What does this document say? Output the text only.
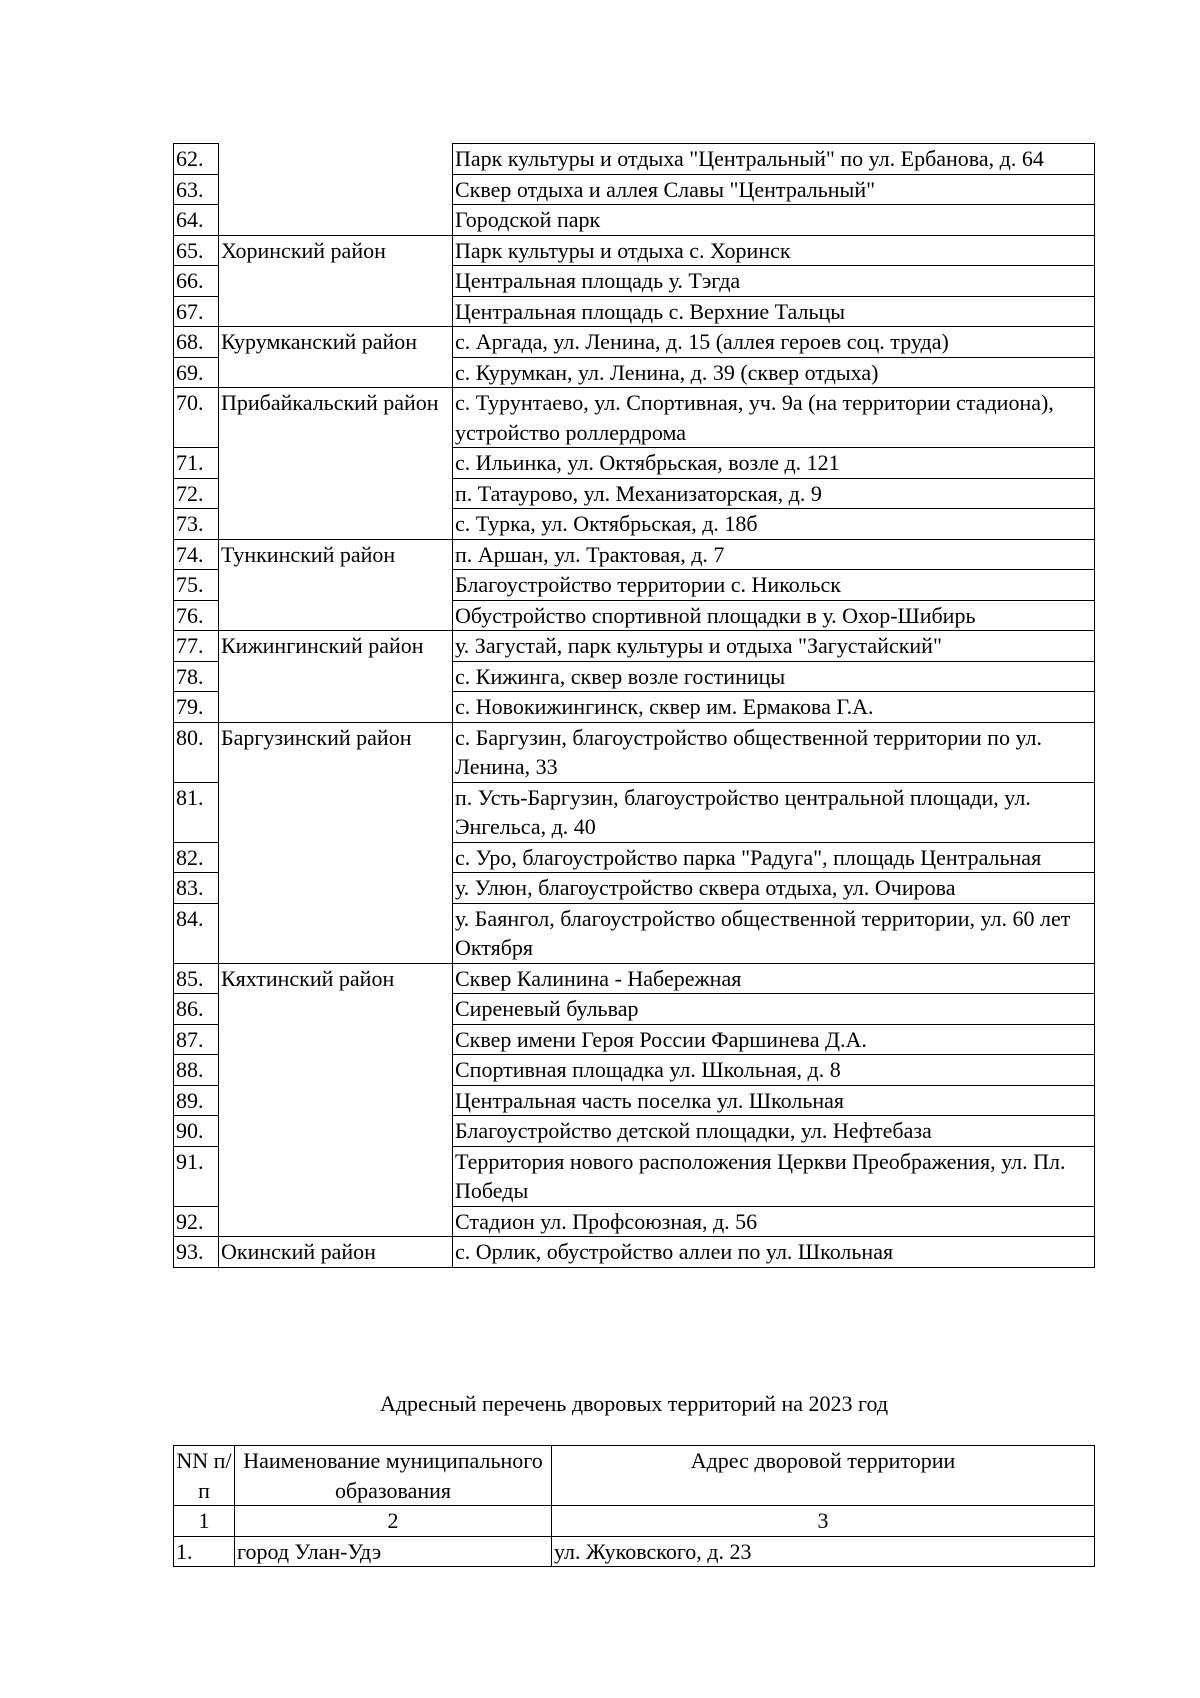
62.		Парк культуры и отдыха "Центральный" по ул. Ербанова, д. 64
63.		Сквер отдыха и аллея Славы "Центральный"
64.		Городской парк
65.	Хоринский район	Парк культуры и отдыха с. Хоринск
66.		Центральная площадь у. Тэгда
67.		Центральная площадь с. Верхние Тальцы
68.	Курумканский район	с. Аргада, ул. Ленина, д. 15 (аллея героев соц. труда)
69.		с. Курумкан, ул. Ленина, д. 39 (сквер отдыха)
70.	Прибайкальский район	с. Турунтаево, ул. Спортивная, уч. 9а (на территории стадиона), устройство роллердрома
71.		с. Ильинка, ул. Октябрьская, возле д. 121
72.		п. Татаурово, ул. Механизаторская, д. 9
73.		с. Турка, ул. Октябрьская, д. 18б
74.	Тункинский район	п. Аршан, ул. Трактовая, д. 7
75.		Благоустройство территории с. Никольск
76.		Обустройство спортивной площадки в у. Охор-Шибирь
77.	Кижингинский район	у. Загустай, парк культуры и отдыха "Загустайский"
78.		с. Кижинга, сквер возле гостиницы
79.		с. Новокижингинск, сквер им. Ермакова Г.А.
80.	Баргузинский район	с. Баргузин, благоустройство общественной территории по ул. Ленина, 33
81.		п. Усть-Баргузин, благоустройство центральной площади, ул. Энгельса, д. 40
82.		с. Уро, благоустройство парка "Радуга", площадь Центральная
83.		у. Улюн, благоустройство сквера отдыха, ул. Очирова
84.		у. Баянгол, благоустройство общественной территории, ул. 60 лет Октября
85.	Кяхтинский район	Сквер Калинина - Набережная
86.		Сиреневый бульвар
87.		Сквер имени Героя России Фаршинева Д.А.
88.		Спортивная площадка ул. Школьная, д. 8
89.		Центральная часть поселка ул. Школьная
90.		Благоустройство детской площадки, ул. Нефтебаза
91.		Территория нового расположения Церкви Преображения, ул. Пл. Победы
92.		Стадион ул. Профсоюзная, д. 56
93.	Окинский район	с. Орлик, обустройство аллеи по ул. Школьная
Адресный перечень дворовых территорий на 2023 год
NN п/п	Наименование муниципального образования	Адрес дворовой территории
1	2	3
1.	город Улан-Удэ	ул. Жуковского, д. 23
